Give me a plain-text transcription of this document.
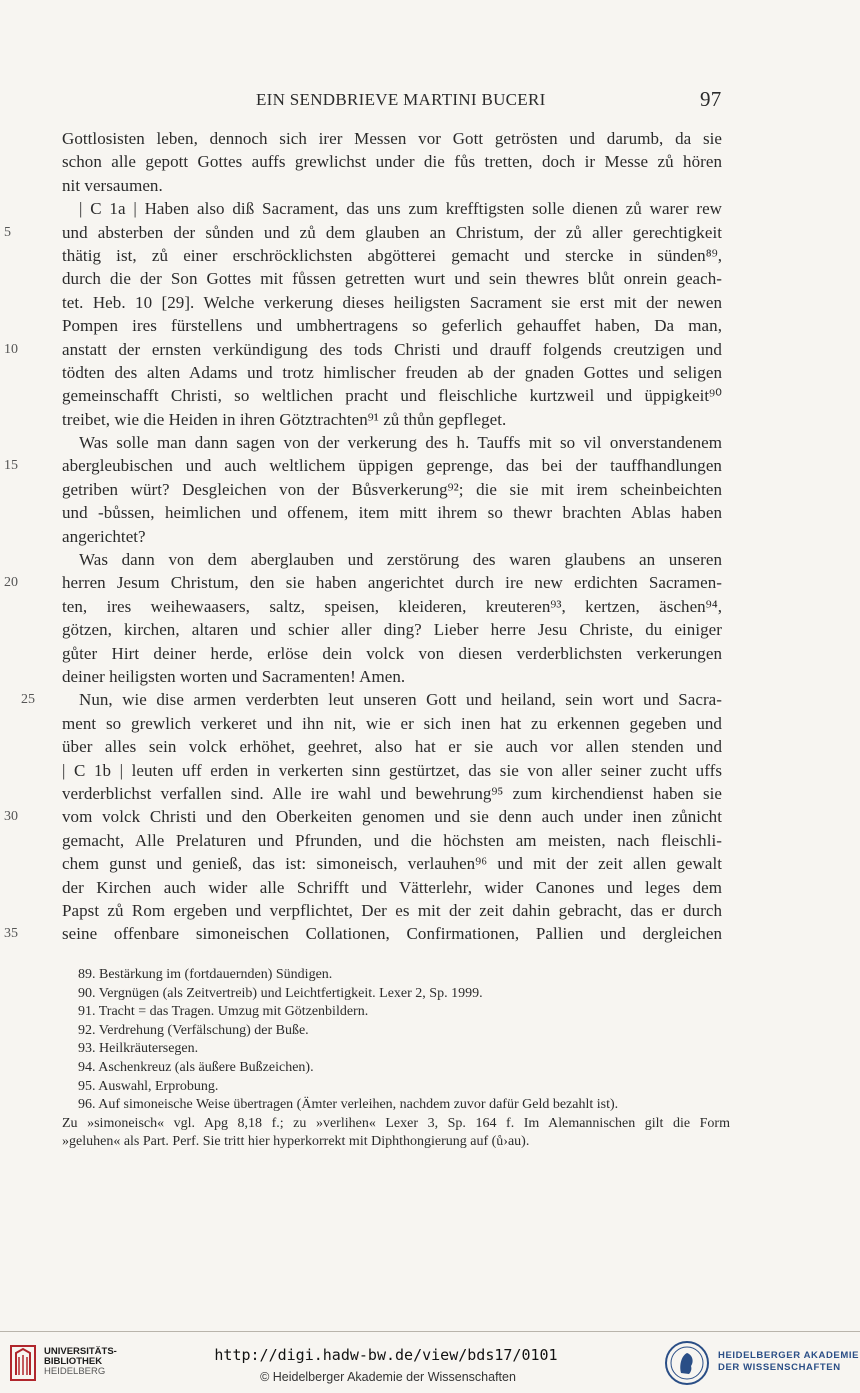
EIN SENDBRIEVE MARTINI BUCERI	97
Gottlosisten leben, dennoch sich irer Messen vor Gott getrösten und darumb, da sie
schon alle gepott Gottes auffs grewlichst under die fůs tretten, doch ir Messe zů hören
nit versaumen.
| C 1a | Haben also diß Sacrament, das uns zum krefftigsten solle dienen zů warer rew
5	und absterben der sůnden und zů dem glauben an Christum, der zů aller gerechtigkeit
thätig ist, zů einer erschröcklichsten abgötterei gemacht und stercke in sünden⁸⁹,
durch die der Son Gottes mit fůssen getretten wurt und sein thewres blůt onrein geach-
tet. Heb. 10 [29]. Welche verkerung dieses heiligsten Sacrament sie erst mit der newen
Pompen ires fürstellens und umbhertragens so geferlich gehauffet haben, Da man,
10	anstatt der ernsten verkündigung des tods Christi und drauff folgends creutzigen und
tödten des alten Adams und trotz himlischer freuden ab der gnaden Gottes und seligen
gemeinschafft Christi, so weltlichen pracht und fleischliche kurtzweil und üppigkeit⁹⁰
treibet, wie die Heiden in ihren Götztrachten⁹¹ zů thůn gepfleget.
Was solle man dann sagen von der verkerung des h. Tauffs mit so vil onverstandenem
15	abergleubischen und auch weltlichem üppigen geprenge, das bei der tauffhandlungen
getriben würt? Desgleichen von der Bůsverkerung⁹²; die sie mit irem scheinbeichten
und -bůssen, heimlichen und offenem, item mitt ihrem so thewr brachten Ablas haben
angerichtet?
Was dann von dem aberglauben und zerstörung des waren glaubens an unseren
20	herren Jesum Christum, den sie haben angerichtet durch ire new erdichten Sacramen-
ten, ires weihewaasers, saltz, speisen, kleideren, kreuteren⁹³, kertzen, äschen⁹⁴,
götzen, kirchen, altaren und schier aller ding? Lieber herre Jesu Christe, du einiger
gůter Hirt deiner herde, erlöse dein volck von diesen verderblichsten verkerungen
deiner heiligsten worten und Sacramenten! Amen.
25	Nun, wie dise armen verderbten leut unseren Gott und heiland, sein wort und Sacra-
ment so grewlich verkeret und ihn nit, wie er sich inen hat zu erkennen gegeben und
über alles sein volck erhöhet, geehret, also hat er sie auch vor allen stenden und
| C 1b | leuten uff erden in verkerten sinn gestürtzet, das sie von aller seiner zucht uffs
verderblichst verfallen sind. Alle ire wahl und bewehrung⁹⁵ zum kirchendienst haben sie
30	vom volck Christi und den Oberkeiten genomen und sie denn auch under inen zůnicht
gemacht, Alle Prelaturen und Pfrunden, und die höchsten am meisten, nach fleischli-
chem gunst und genieß, das ist: simoneisch, verlauhen⁹⁶ und mit der zeit allen gewalt
der Kirchen auch wider alle Schrifft und Vätterlehr, wider Canones und leges dem
Papst zů Rom ergeben und verpflichtet, Der es mit der zeit dahin gebracht, das er durch
35	seine offenbare simoneischen Collationen, Confirmationen, Pallien und dergleichen
89. Bestärkung im (fortdauernden) Sündigen.
90. Vergnügen (als Zeitvertreib) und Leichtfertigkeit. Lexer 2, Sp. 1999.
91. Tracht = das Tragen. Umzug mit Götzenbildern.
92. Verdrehung (Verfälschung) der Buße.
93. Heilkräutersegen.
94. Aschenkreuz (als äußere Bußzeichen).
95. Auswahl, Erprobung.
96. Auf simoneische Weise übertragen (Ämter verleihen, nachdem zuvor dafür Geld bezahlt ist).
Zu »simoneisch« vgl. Apg 8,18 f.; zu »verlihen« Lexer 3, Sp. 164 f. Im Alemannischen gilt die Form
»geluhen« als Part. Perf. Sie tritt hier hyperkorrekt mit Diphthongierung auf (ů›au).
UNIVERSITÄTS-
BIBLIOTHEK
HEIDELBERG
http://digi.hadw-bw.de/view/bds17/0101
© Heidelberger Akademie der Wissenschaften
HEIDELBERGER AKADEMIE
DER WISSENSCHAFTEN
